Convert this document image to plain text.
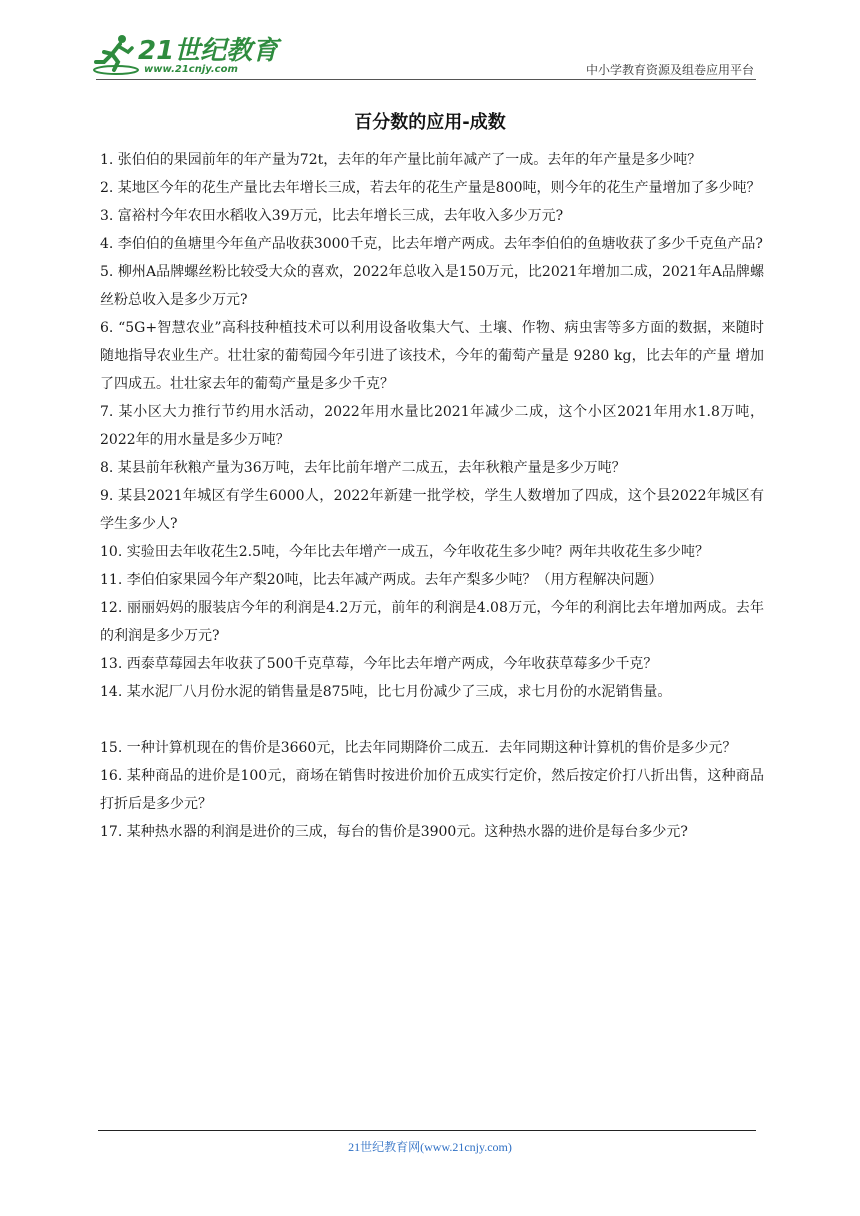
21世纪教育
www.21cnjy.com	中小学教育资源及组卷应用平台
百分数的应用-成数

1. 张伯伯的果园前年的年产量为72t，去年的年产量比前年减产了一成。去年的年产量是多少吨？

2. 某地区今年的花生产量比去年增长三成，若去年的花生产量是800吨，则今年的花生产量增加了多少吨？

3. 富裕村今年农田水稻收入39万元，比去年增长三成，去年收入多少万元?

4. 李伯伯的鱼塘里今年鱼产品收获3000千克，比去年增产两成。去年李伯伯的鱼塘收获了多少千克鱼产品?

5. 柳州A品牌螺丝粉比较受大众的喜欢，2022年总收入是150万元，比2021年增加二成，2021年A品牌螺丝粉总收入是多少万元?

6. “5G+智慧农业”高科技种植技术可以利用设备收集大气、土壤、作物、病虫害等多方面的数据，来随时随地指导农业生产。壮壮家的葡萄园今年引进了该技术，今年的葡萄产量是 9280 kg，比去年的产量 增加了四成五。壮壮家去年的葡萄产量是多少千克？

7. 某小区大力推行节约用水活动，2022年用水量比2021年减少二成，这个小区2021年用水1.8万吨， 2022年的用水量是多少万吨？

8. 某县前年秋粮产量为36万吨，去年比前年增产二成五，去年秋粮产量是多少万吨？

9. 某县2021年城区有学生6000人，2022年新建一批学校，学生人数增加了四成，这个县2022年城区有学生多少人?

10. 实验田去年收花生2.5吨，今年比去年增产一成五，今年收花生多少吨？两年共收花生多少吨？

11. 李伯伯家果园今年产梨20吨，比去年减产两成。去年产梨多少吨？（用方程解决问题）

12. 丽丽妈妈的服装店今年的利润是4.2万元，前年的利润是4.08万元，今年的利润比去年增加两成。去年的利润是多少万元?

13. 西泰草莓园去年收获了500千克草莓，今年比去年增产两成，今年收获草莓多少千克？

14. 某水泥厂八月份水泥的销售量是875吨，比七月份减少了三成，求七月份的水泥销售量。

15. 一种计算机现在的售价是3660元，比去年同期降价二成五．去年同期这种计算机的售价是多少元？

16. 某种商品的进价是100元，商场在销售时按进价加价五成实行定价，然后按定价打八折出售，这种商品打折后是多少元？

17. 某种热水器的利润是进价的三成，每台的售价是3900元。这种热水器的进价是每台多少元?

21世纪教育网(www.21cnjy.com)
